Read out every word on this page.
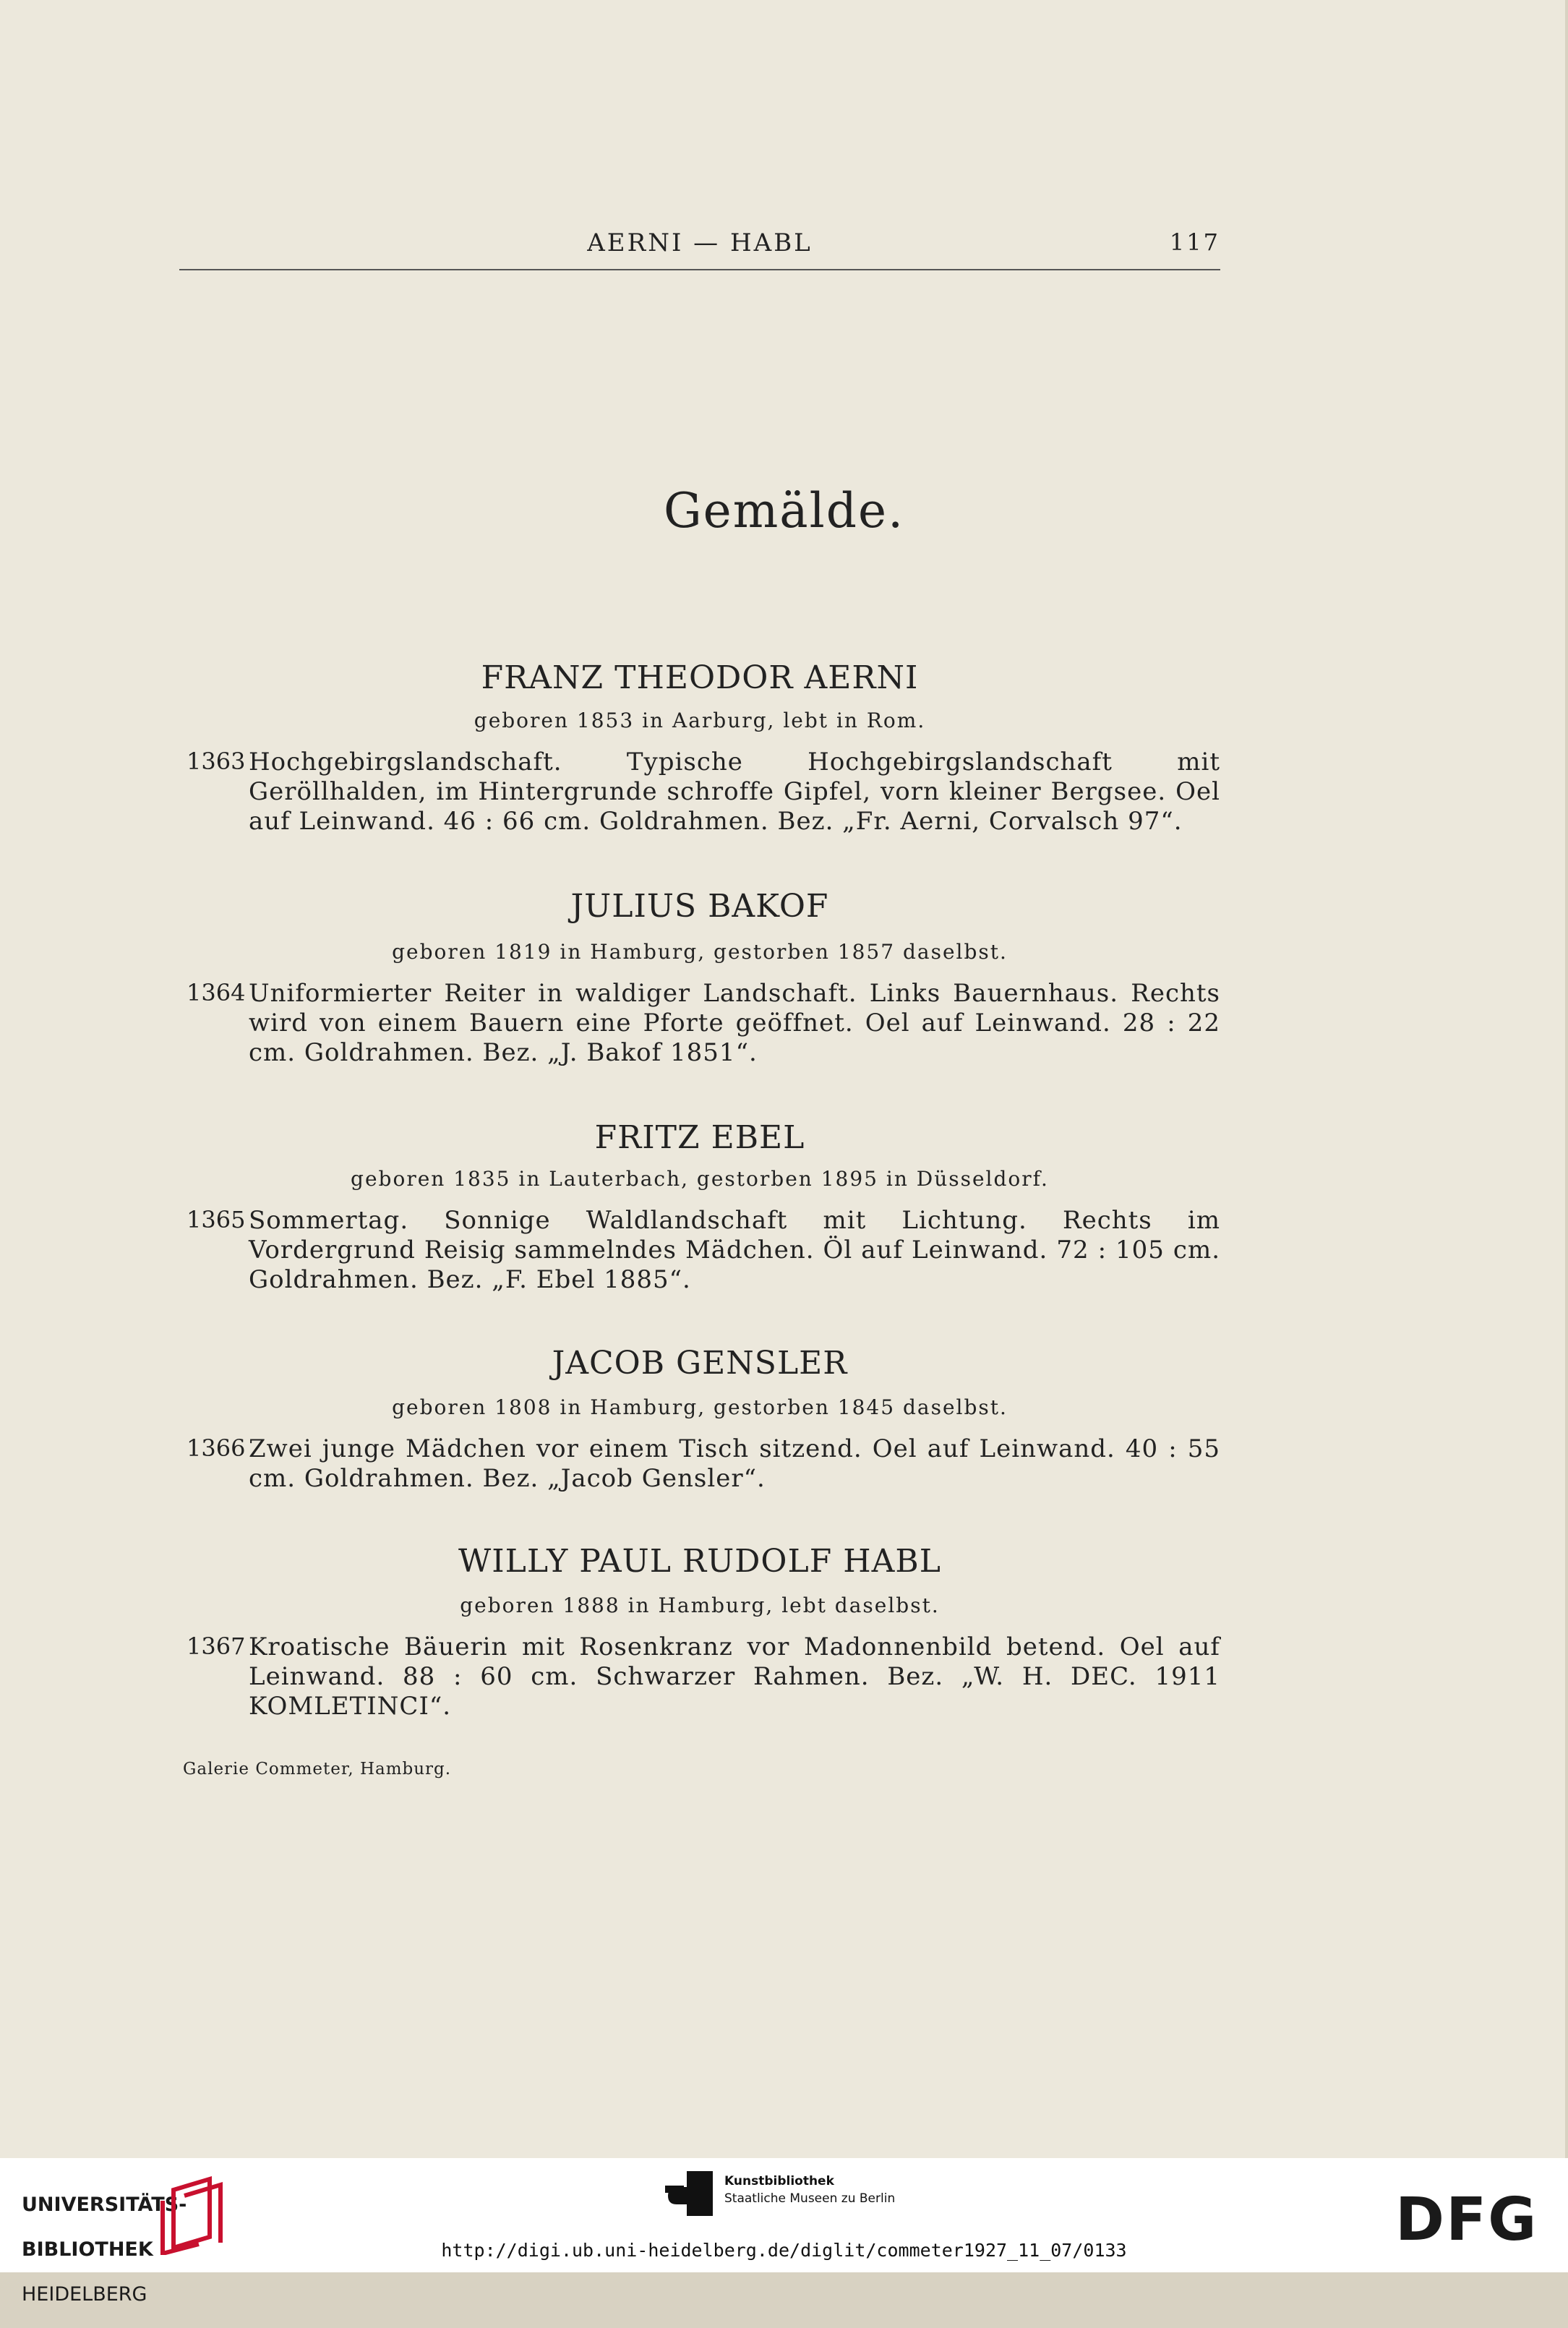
AERNI — HABL	117
Gemälde.
FRANZ THEODOR AERNI
geboren 1853 in Aarburg, lebt in Rom.
1363 Hochgebirgslandschaft. Typische Hochgebirgslandschaft mit Geröllhalden, im Hintergrunde schroffe Gipfel, vorn kleiner Bergsee. Oel auf Leinwand. 46 : 66 cm. Goldrahmen. Bez. „Fr. Aerni, Corvalsch 97“.
JULIUS BAKOF
geboren 1819 in Hamburg, gestorben 1857 daselbst.
1364 Uniformierter Reiter in waldiger Landschaft. Links Bauernhaus. Rechts wird von einem Bauern eine Pforte geöffnet. Oel auf Leinwand. 28 : 22 cm. Goldrahmen. Bez. „J. Bakof 1851“.
FRITZ EBEL
geboren 1835 in Lauterbach, gestorben 1895 in Düsseldorf.
1365 Sommertag. Sonnige Waldlandschaft mit Lichtung. Rechts im Vordergrund Reisig sammelndes Mädchen. Öl auf Leinwand. 72 : 105 cm. Goldrahmen. Bez. „F. Ebel 1885“.
JACOB GENSLER
geboren 1808 in Hamburg, gestorben 1845 daselbst.
1366 Zwei junge Mädchen vor einem Tisch sitzend. Oel auf Leinwand. 40 : 55 cm. Goldrahmen. Bez. „Jacob Gensler“.
WILLY PAUL RUDOLF HABL
geboren 1888 in Hamburg, lebt daselbst.
1367 Kroatische Bäuerin mit Rosenkranz vor Madonnenbild betend. Oel auf Leinwand. 88 : 60 cm. Schwarzer Rahmen. Bez. „W. H. DEC. 1911 KOMLETINCI“.
Galerie Commeter, Hamburg.

UNIVERSITÄTS-

BIBLIOTHEK

HEIDELBERG

Kunstbibliothek
Staatliche Museen zu Berlin	DFG
http://digi.ub.uni-heidelberg.de/diglit/commeter1927_11_07/0133
